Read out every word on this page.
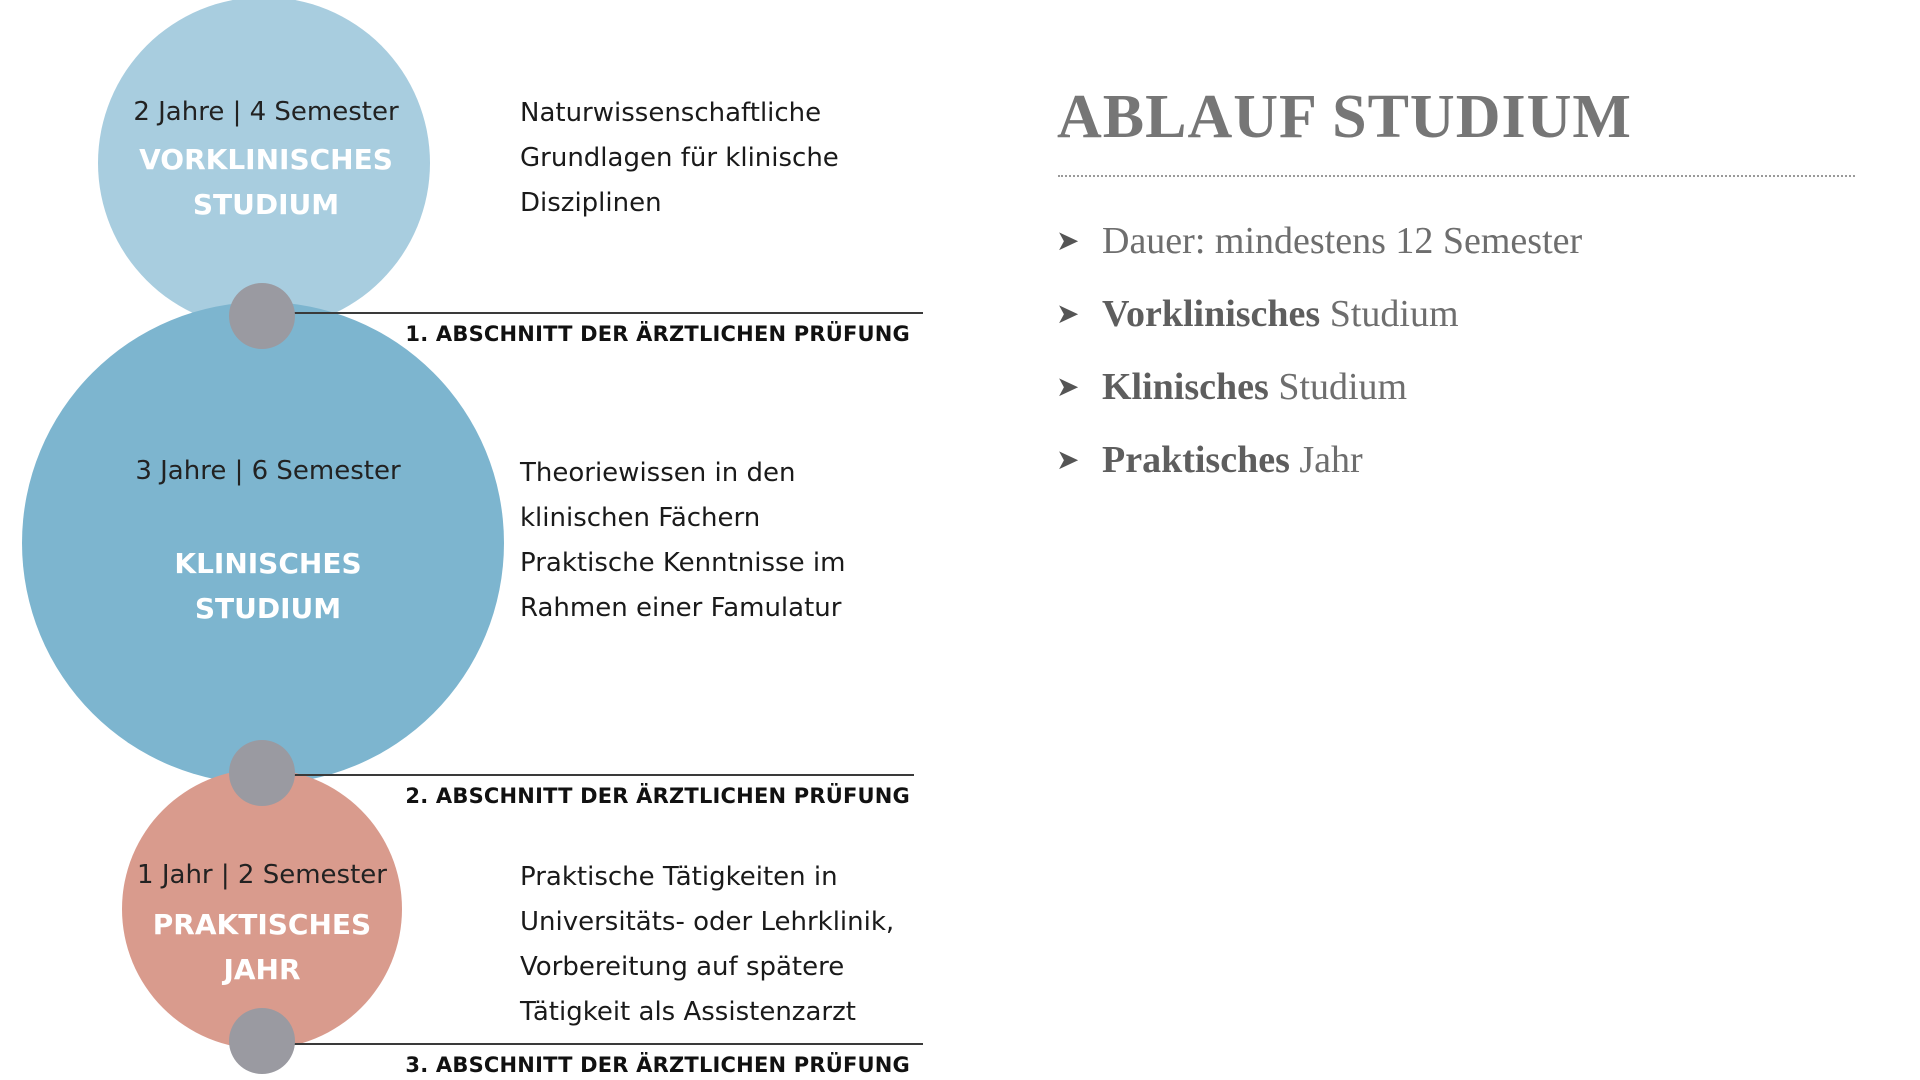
1. ABSCHNITT DER ÄRZTLICHEN PRÜFUNG

2. ABSCHNITT DER ÄRZTLICHEN PRÜFUNG

3. ABSCHNITT DER ÄRZTLICHEN PRÜFUNG

2 Jahre | 4 Semester

VORKLINISCHES
STUDIUM

Naturwissenschaftliche
Grundlagen für klinische
Disziplinen

3 Jahre | 6 Semester

KLINISCHES
STUDIUM

Theoriewissen in den
klinischen Fächern
Praktische Kenntnisse im
Rahmen einer Famulatur

1 Jahr | 2 Semester

PRAKTISCHES
JAHR

Praktische Tätigkeiten in
Universitäts- oder Lehrklinik,
Vorbereitung auf spätere
Tätigkeit als Assistenzarzt

ABLAUF STUDIUM
➤ Dauer: mindestens 12 Semester
➤ Vorklinisches Studium
➤ Klinisches Studium
➤ Praktisches Jahr
